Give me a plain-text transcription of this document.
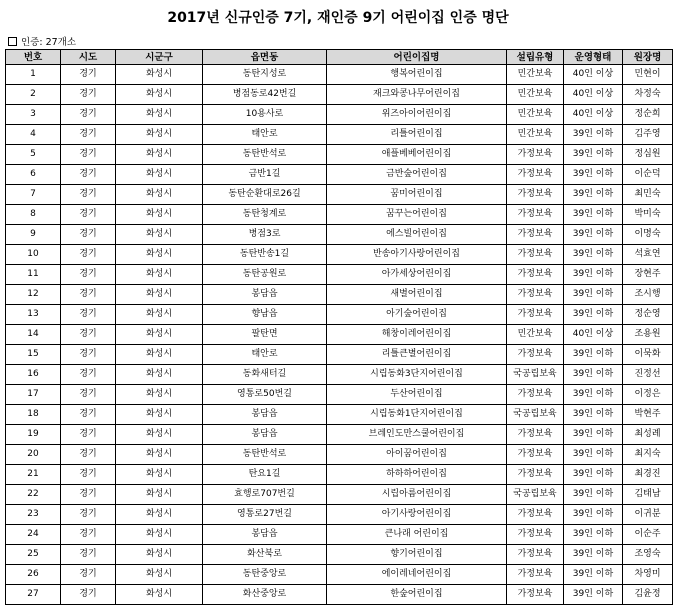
2017년 신규인증 7기, 재인증 9기 어린이집 인증 명단
인증: 27개소
번호	시도	시군구	읍면동	어린이집명	설립유형	운영형태	원장명
1	경기	화성시	동탄지성로	행복어린이집	민간보육	40인 이상	민현이
2	경기	화성시	병점동로42번길	재크와콩나무어린이집	민간보육	40인 이상	차정숙
3	경기	화성시	10용사로	위즈아이어린이집	민간보육	40인 이상	정순희
4	경기	화성시	태안로	리틀어린이집	민간보육	39인 이하	김주영
5	경기	화성시	동탄반석로	애플베베어린이집	가정보육	39인 이하	정심원
6	경기	화성시	금반1길	금반숲어린이집	가정보육	39인 이하	이순덕
7	경기	화성시	동탄순환대로26길	꿈미어린이집	가정보육	39인 이하	최민숙
8	경기	화성시	동탄청계로	꿈꾸는어린이집	가정보육	39인 이하	박미숙
9	경기	화성시	병점3로	에스빌어린이집	가정보육	39인 이하	이명숙
10	경기	화성시	동탄반송1길	반송아기사랑어린이집	가정보육	39인 이하	석효연
11	경기	화성시	동탄공원로	아가세상어린이집	가정보육	39인 이하	장현주
12	경기	화성시	봉담읍	새별어린이집	가정보육	39인 이하	조시행
13	경기	화성시	향남읍	아기숲어린이집	가정보육	39인 이하	정순영
14	경기	화성시	팔탄면	해창이레어린이집	민간보육	40인 이상	조용원
15	경기	화성시	태안로	리틀큰별어린이집	가정보육	39인 이하	이묵화
16	경기	화성시	동화새터길	시립동화3단지어린이집	국공립보육	39인 이하	진정선
17	경기	화성시	영통로50번길	두산어린이집	가정보육	39인 이하	이정은
18	경기	화성시	봉담읍	시립동화1단지어린이집	국공립보육	39인 이하	박현주
19	경기	화성시	봉담읍	브레인도만스쿨어린이집	가정보육	39인 이하	최성례
20	경기	화성시	동탄반석로	아이꿈어린이집	가정보육	39인 이하	최지숙
21	경기	화성시	탄요1길	하하하어린이집	가정보육	39인 이하	최경진
22	경기	화성시	효행로707번길	시립아름어린이집	국공립보육	39인 이하	김태남
23	경기	화성시	영통로27번길	아기사랑어린이집	가정보육	39인 이하	이귀분
24	경기	화성시	봉담읍	큰나래 어린이집	가정보육	39인 이하	이순주
25	경기	화성시	화산북로	향기어린이집	가정보육	39인 이하	조영숙
26	경기	화성시	동탄중앙로	에이레네어린이집	가정보육	39인 이하	차영미
27	경기	화성시	화산중앙로	한숲어린이집	가정보육	39인 이하	김윤정
